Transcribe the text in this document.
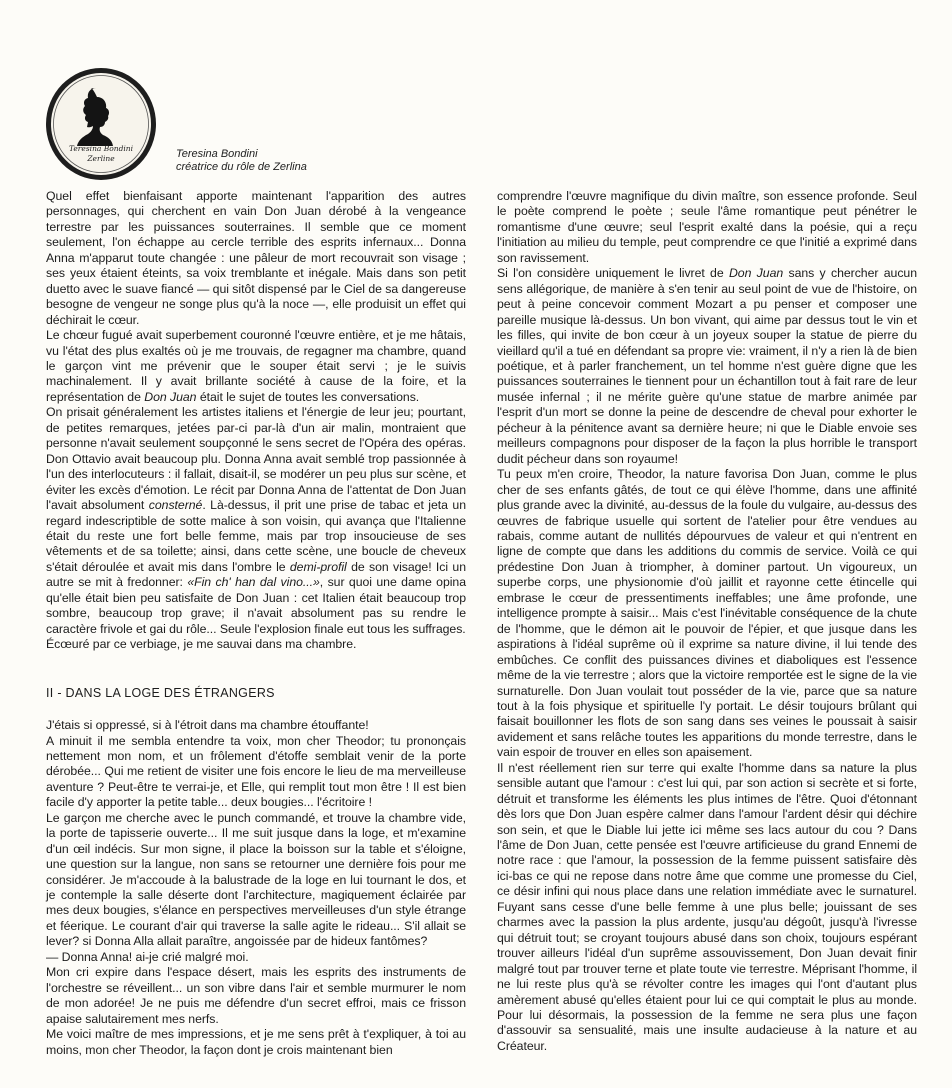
Teresina Bondini
Zerline	Teresina Bondini
créatrice du rôle de Zerlina

Quel effet bienfaisant apporte maintenant l'apparition des autres personnages, qui cherchent en vain Don Juan dérobé à la vengeance terrestre par les puissances souterraines. Il semble que ce moment seulement, l'on échappe au cercle terrible des esprits infernaux... Donna Anna m'apparut toute changée : une pâleur de mort recouvrait son visage ; ses yeux étaient éteints, sa voix tremblante et inégale. Mais dans son petit duetto avec le suave fiancé — qui sitôt dispensé par le Ciel de sa dangereuse besogne de vengeur ne songe plus qu'à la noce —, elle produisit un effet qui déchirait le cœur.

Le chœur fugué avait superbement couronné l'œuvre entière, et je me hâtais, vu l'état des plus exaltés où je me trouvais, de regagner ma chambre, quand le garçon vint me prévenir que le souper était servi ; je le suivis machinalement. Il y avait brillante société à cause de la foire, et la représentation de Don Juan était le sujet de toutes les conversations.

On prisait généralement les artistes italiens et l'énergie de leur jeu; pourtant, de petites remarques, jetées par-ci par-là d'un air malin, montraient que personne n'avait seulement soupçonné le sens secret de l'Opéra des opéras. Don Ottavio avait beaucoup plu. Donna Anna avait semblé trop passionnée à l'un des interlocuteurs : il fallait, disait-il, se modérer un peu plus sur scène, et éviter les excès d'émotion. Le récit par Donna Anna de l'attentat de Don Juan l'avait absolument consterné. Là-dessus, il prit une prise de tabac et jeta un regard indescriptible de sotte malice à son voisin, qui avança que l'Italienne était du reste une fort belle femme, mais par trop insoucieuse de ses vêtements et de sa toilette; ainsi, dans cette scène, une boucle de cheveux s'était déroulée et avait mis dans l'ombre le demi-profil de son visage! Ici un autre se mit à fredonner: «Fin ch' han dal vino...», sur quoi une dame opina qu'elle était bien peu satisfaite de Don Juan : cet Italien était beaucoup trop sombre, beaucoup trop grave; il n'avait absolument pas su rendre le caractère frivole et gai du rôle... Seule l'explosion finale eut tous les suffrages.

Écœuré par ce verbiage, je me sauvai dans ma chambre.

II - DANS LA LOGE DES ÉTRANGERS

J'étais si oppressé, si à l'étroit dans ma chambre étouffante!

A minuit il me sembla entendre ta voix, mon cher Theodor; tu prononçais nettement mon nom, et un frôlement d'étoffe semblait venir de la porte dérobée... Qui me retient de visiter une fois encore le lieu de ma merveilleuse aventure ? Peut-être te verrai-je, et Elle, qui remplit tout mon être ! Il est bien facile d'y apporter la petite table... deux bougies... l'écritoire !

Le garçon me cherche avec le punch commandé, et trouve la chambre vide, la porte de tapisserie ouverte... Il me suit jusque dans la loge, et m'examine d'un œil indécis. Sur mon signe, il place la boisson sur la table et s'éloigne, une question sur la langue, non sans se retourner une dernière fois pour me considérer. Je m'accoude à la balustrade de la loge en lui tournant le dos, et je contemple la salle déserte dont l'architecture, magiquement éclairée par mes deux bougies, s'élance en perspectives merveilleuses d'un style étrange et féerique. Le courant d'air qui traverse la salle agite le rideau... S'il allait se lever? si Donna Alla allait paraître, angoissée par de hideux fantômes?

— Donna Anna! ai-je crié malgré moi.

Mon cri expire dans l'espace désert, mais les esprits des instruments de l'orchestre se réveillent... un son vibre dans l'air et semble murmurer le nom de mon adorée! Je ne puis me défendre d'un secret effroi, mais ce frisson apaise salutairement mes nerfs.

Me voici maître de mes impressions, et je me sens prêt à t'expliquer, à toi au moins, mon cher Theodor, la façon dont je crois maintenant bien

comprendre l'œuvre magnifique du divin maître, son essence profonde. Seul le poète comprend le poète ; seule l'âme romantique peut pénétrer le romantisme d'une œuvre; seul l'esprit exalté dans la poésie, qui a reçu l'initiation au milieu du temple, peut comprendre ce que l'initié a exprimé dans son ravissement.

Si l'on considère uniquement le livret de Don Juan sans y chercher aucun sens allégorique, de manière à s'en tenir au seul point de vue de l'histoire, on peut à peine concevoir comment Mozart a pu penser et composer une pareille musique là-dessus. Un bon vivant, qui aime par dessus tout le vin et les filles, qui invite de bon cœur à un joyeux souper la statue de pierre du vieillard qu'il a tué en défendant sa propre vie: vraiment, il n'y a rien là de bien poétique, et à parler franchement, un tel homme n'est guère digne que les puissances souterraines le tiennent pour un échantillon tout à fait rare de leur musée infernal ; il ne mérite guère qu'une statue de marbre animée par l'esprit d'un mort se donne la peine de descendre de cheval pour exhorter le pécheur à la pénitence avant sa dernière heure; ni que le Diable envoie ses meilleurs compagnons pour disposer de la façon la plus horrible le transport dudit pécheur dans son royaume!

Tu peux m'en croire, Theodor, la nature favorisa Don Juan, comme le plus cher de ses enfants gâtés, de tout ce qui élève l'homme, dans une affinité plus grande avec la divinité, au-dessus de la foule du vulgaire, au-dessus des œuvres de fabrique usuelle qui sortent de l'atelier pour être vendues au rabais, comme autant de nullités dépourvues de valeur et qui n'entrent en ligne de compte que dans les additions du commis de service. Voilà ce qui prédestine Don Juan à triompher, à dominer partout. Un vigoureux, un superbe corps, une physionomie d'où jaillit et rayonne cette étincelle qui embrase le cœur de pressentiments ineffables; une âme profonde, une intelligence prompte à saisir... Mais c'est l'inévitable conséquence de la chute de l'homme, que le démon ait le pouvoir de l'épier, et que jusque dans les aspirations à l'idéal suprême où il exprime sa nature divine, il lui tende des embûches. Ce conflit des puissances divines et diaboliques est l'essence même de la vie terrestre ; alors que la victoire remportée est le signe de la vie surnaturelle. Don Juan voulait tout posséder de la vie, parce que sa nature tout à la fois physique et spirituelle l'y portait. Le désir toujours brûlant qui faisait bouillonner les flots de son sang dans ses veines le poussait à saisir avidement et sans relâche toutes les apparitions du monde terrestre, dans le vain espoir de trouver en elles son apaisement.

Il n'est réellement rien sur terre qui exalte l'homme dans sa nature la plus sensible autant que l'amour : c'est lui qui, par son action si secrète et si forte, détruit et transforme les éléments les plus intimes de l'être. Quoi d'étonnant dès lors que Don Juan espère calmer dans l'amour l'ardent désir qui déchire son sein, et que le Diable lui jette ici même ses lacs autour du cou ? Dans l'âme de Don Juan, cette pensée est l'œuvre artificieuse du grand Ennemi de notre race : que l'amour, la possession de la femme puissent satisfaire dès ici-bas ce qui ne repose dans notre âme que comme une promesse du Ciel, ce désir infini qui nous place dans une relation immédiate avec le surnaturel. Fuyant sans cesse d'une belle femme à une plus belle; jouissant de ses charmes avec la passion la plus ardente, jusqu'au dégoût, jusqu'à l'ivresse qui détruit tout; se croyant toujours abusé dans son choix, toujours espérant trouver ailleurs l'idéal d'un suprême assouvissement, Don Juan devait finir malgré tout par trouver terne et plate toute vie terrestre. Méprisant l'homme, il ne lui reste plus qu'à se révolter contre les images qui l'ont d'autant plus amèrement abusé qu'elles étaient pour lui ce qui comptait le plus au monde. Pour lui désormais, la possession de la femme ne sera plus une façon d'assouvir sa sensualité, mais une insulte audacieuse à la nature et au Créateur.
